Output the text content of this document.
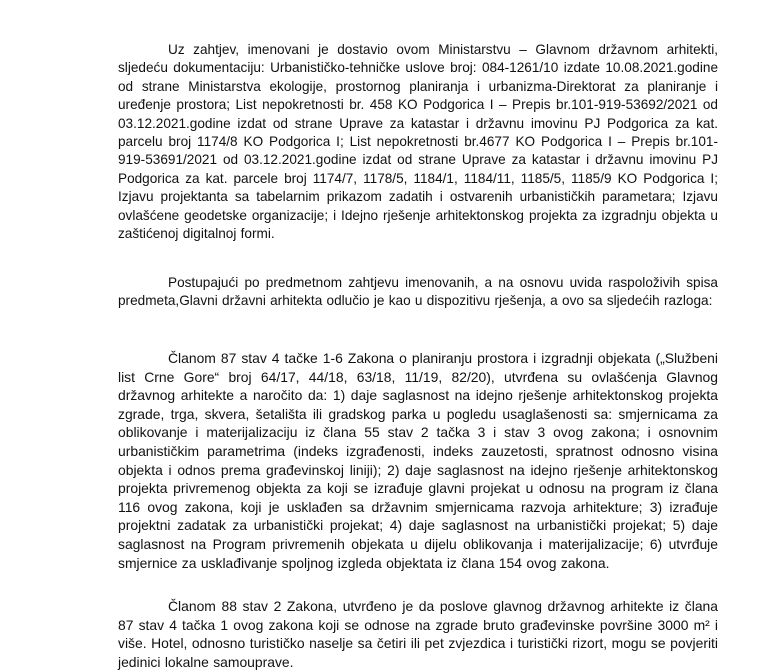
Uz zahtjev, imenovani je dostavio ovom Ministarstvu – Glavnom državnom arhitekti, sljedeću dokumentaciju: Urbanističko-tehničke uslove broj: 084-1261/10 izdate 10.08.2021.godine od strane Ministarstva ekologije, prostornog planiranja i urbanizma-Direktorat za planiranje i uređenje prostora; List nepokretnosti br. 458 KO Podgorica I – Prepis br.101-919-53692/2021 od 03.12.2021.godine izdat od strane Uprave za katastar i državnu imovinu PJ Podgorica za kat. parcelu broj 1174/8 KO Podgorica I; List nepokretnosti br.4677 KO Podgorica I – Prepis br.101-919-53691/2021 od 03.12.2021.godine izdat od strane Uprave za katastar i državnu imovinu PJ Podgorica za kat. parcele broj 1174/7, 1178/5, 1184/1, 1184/11, 1185/5, 1185/9 KO Podgorica I; Izjavu projektanta sa tabelarnim prikazom zadatih i ostvarenih urbanističkih parametara; Izjavu ovlašćene geodetske organizacije; i Idejno rješenje arhitektonskog projekta za izgradnju objekta u zaštićenoj digitalnoj formi.

Postupajući po predmetnom zahtjevu imenovanih, a na osnovu uvida raspoloživih spisa predmeta,Glavni državni arhitekta odlučio je kao u dispozitivu rješenja, a ovo sa sljedećih razloga:

Članom 87 stav 4 tačke 1-6 Zakona o planiranju prostora i izgradnji objekata („Službeni list Crne Gore“ broj 64/17, 44/18, 63/18, 11/19, 82/20), utvrđena su ovlašćenja Glavnog državnog arhitekte a naročito da: 1) daje saglasnost na idejno rješenje arhitektonskog projekta zgrade, trga, skvera, šetališta ili gradskog parka u pogledu usaglašenosti sa: smjernicama za oblikovanje i materijalizaciju iz člana 55 stav 2 tačka 3 i stav 3 ovog zakona; i osnovnim urbanističkim parametrima (indeks izgrađenosti, indeks zauzetosti, spratnost odnosno visina objekta i odnos prema građevinskoj liniji); 2) daje saglasnost na idejno rješenje arhitektonskog projekta privremenog objekta za koji se izrađuje glavni projekat u odnosu na program iz člana 116 ovog zakona, koji je usklađen sa državnim smjernicama razvoja arhitekture; 3) izrađuje projektni zadatak za urbanistički projekat; 4) daje saglasnost na urbanistički projekat; 5) daje saglasnost na Program privremenih objekata u dijelu oblikovanja i materijalizacije; 6) utvrđuje smjernice za usklađivanje spoljnog izgleda objektata iz člana 154 ovog zakona.

Članom 88 stav 2 Zakona, utvrđeno je da poslove glavnog državnog arhitekte iz člana 87 stav 4 tačka 1 ovog zakona koji se odnose na zgrade bruto građevinske površine 3000 m² i više. Hotel, odnosno turističko naselje sa četiri ili pet zvjezdica i turistički rizort, mogu se povjeriti jedinici lokalne samouprave.
